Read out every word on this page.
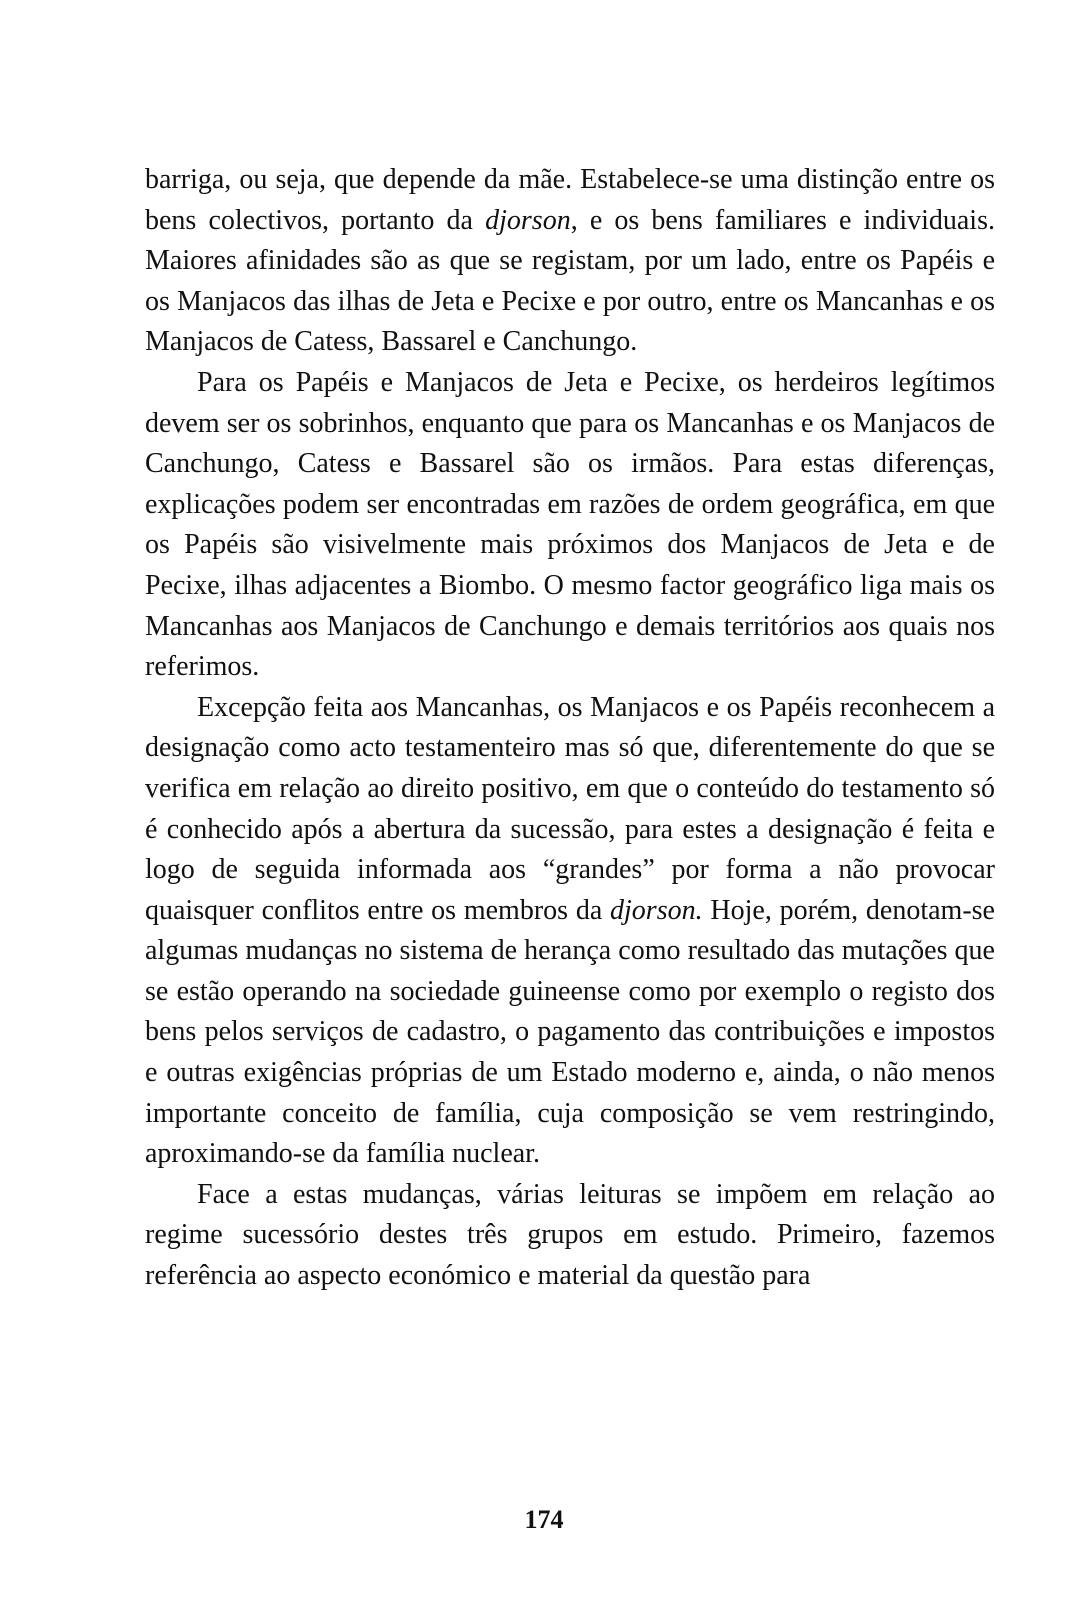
barriga, ou seja, que depende da mãe. Estabelece-se uma distinção entre os bens colectivos, portanto da djorson, e os bens familiares e individuais. Maiores afinidades são as que se registam, por um lado, entre os Papéis e os Manjacos das ilhas de Jeta e Pecixe e por outro, entre os Mancanhas e os Manjacos de Catess, Bassarel e Canchungo.

Para os Papéis e Manjacos de Jeta e Pecixe, os herdeiros legítimos devem ser os sobrinhos, enquanto que para os Mancanhas e os Manjacos de Canchungo, Catess e Bassarel são os irmãos. Para estas diferenças, explicações podem ser encontradas em razões de ordem geográfica, em que os Papéis são visivelmente mais próximos dos Manjacos de Jeta e de Pecixe, ilhas adjacentes a Biombo. O mesmo factor geográfico liga mais os Mancanhas aos Manjacos de Canchungo e demais territórios aos quais nos referimos.

Excepção feita aos Mancanhas, os Manjacos e os Papéis reconhecem a designação como acto testamenteiro mas só que, diferentemente do que se verifica em relação ao direito positivo, em que o conteúdo do testamento só é conhecido após a abertura da sucessão, para estes a designação é feita e logo de seguida informada aos “grandes” por forma a não provocar quaisquer conflitos entre os membros da djorson. Hoje, porém, denotam-se algumas mudanças no sistema de herança como resultado das mutações que se estão operando na sociedade guineense como por exemplo o registo dos bens pelos serviços de cadastro, o pagamento das contribuições e impostos e outras exigências próprias de um Estado moderno e, ainda, o não menos importante conceito de família, cuja composição se vem restringindo, aproximando-se da família nuclear.

Face a estas mudanças, várias leituras se impõem em relação ao regime sucessório destes três grupos em estudo. Primeiro, fazemos referência ao aspecto económico e material da questão para

174
